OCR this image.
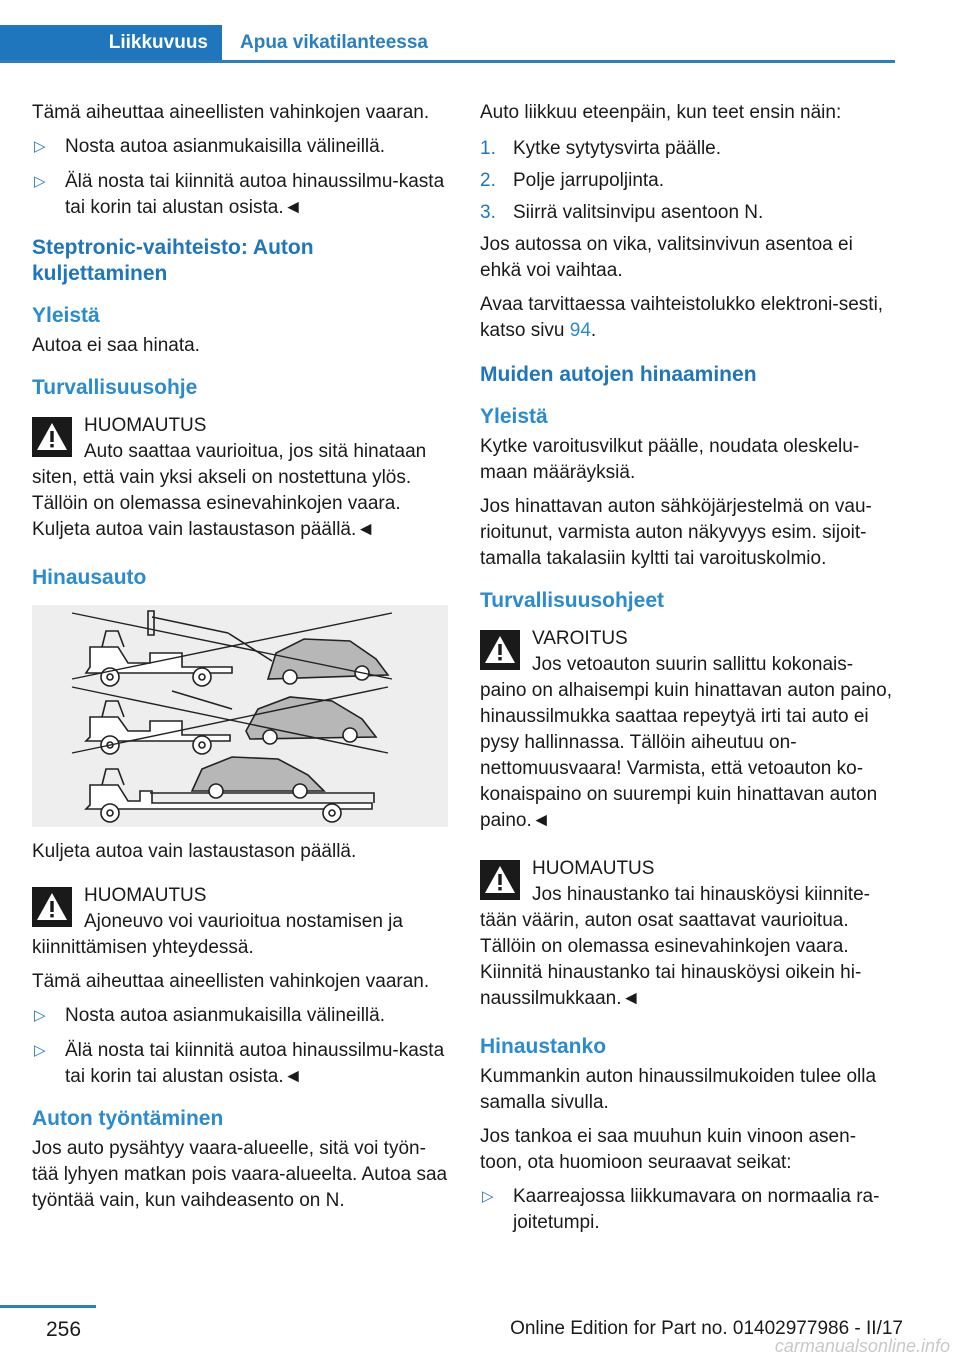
Liikkuvuus	Apua vikatilanteessa
Tämä aiheuttaa aineellisten vahinkojen vaaran.
▷ Nosta autoa asianmukaisilla välineillä.
▷ Älä nosta tai kiinnitä autoa hinaussilmu-kasta tai korin tai alustan osista.◄
Steptronic-vaihteisto: Auton kuljettaminen
Yleistä
Autoa ei saa hinata.
Turvallisuusohje
HUOMAUTUS
Auto saattaa vaurioitua, jos sitä hinataan
siten, että vain yksi akseli on nostettuna ylös. Tällöin on olemassa esinevahinkojen vaara. Kuljeta autoa vain lastaustason päällä.◄
Hinausauto
Kuljeta autoa vain lastaustason päällä.
HUOMAUTUS
Ajoneuvo voi vaurioitua nostamisen ja
kiinnittämisen yhteydessä.
Tämä aiheuttaa aineellisten vahinkojen vaaran.
▷ Nosta autoa asianmukaisilla välineillä.
▷ Älä nosta tai kiinnitä autoa hinaussilmu-kasta tai korin tai alustan osista.◄
Auton työntäminen
Jos auto pysähtyy vaara-alueelle, sitä voi työn-tää lyhyen matkan pois vaara-alueelta. Autoa saa työntää vain, kun vaihdeasento on N.
Auto liikkuu eteenpäin, kun teet ensin näin:
1. Kytke sytytysvirta päälle.
2. Polje jarrupoljinta.
3. Siirrä valitsinvipu asentoon N.
Jos autossa on vika, valitsinvivun asentoa ei ehkä voi vaihtaa.
Avaa tarvittaessa vaihteistolukko elektroni-sesti, katso sivu 94.
Muiden autojen hinaaminen
Yleistä
Kytke varoitusvilkut päälle, noudata oleskelu-maan määräyksiä.
Jos hinattavan auton sähköjärjestelmä on vau-rioitunut, varmista auton näkyvyys esim. sijoit-tamalla takalasiin kyltti tai varoituskolmio.
Turvallisuusohjeet
VAROITUS
Jos vetoauton suurin sallittu kokonais-
paino on alhaisempi kuin hinattavan auton paino, hinaussilmukka saattaa repeytyä irti tai auto ei pysy hallinnassa. Tällöin aiheutuu on-nettomuusvaara! Varmista, että vetoauton ko-konaispaino on suurempi kuin hinattavan auton paino.◄
HUOMAUTUS
Jos hinaustanko tai hinausköysi kiinnite-
tään väärin, auton osat saattavat vaurioitua. Tällöin on olemassa esinevahinkojen vaara. Kiinnitä hinaustanko tai hinausköysi oikein hi-naussilmukkaan.◄
Hinaustanko
Kummankin auton hinaussilmukoiden tulee olla samalla sivulla.
Jos tankoa ei saa muuhun kuin vinoon asen-toon, ota huomioon seuraavat seikat:
▷ Kaarreajossa liikkumavara on normaalia ra-joitetumpi.
256	Online Edition for Part no. 01402977986 - II/17
carmanualsonline.info
